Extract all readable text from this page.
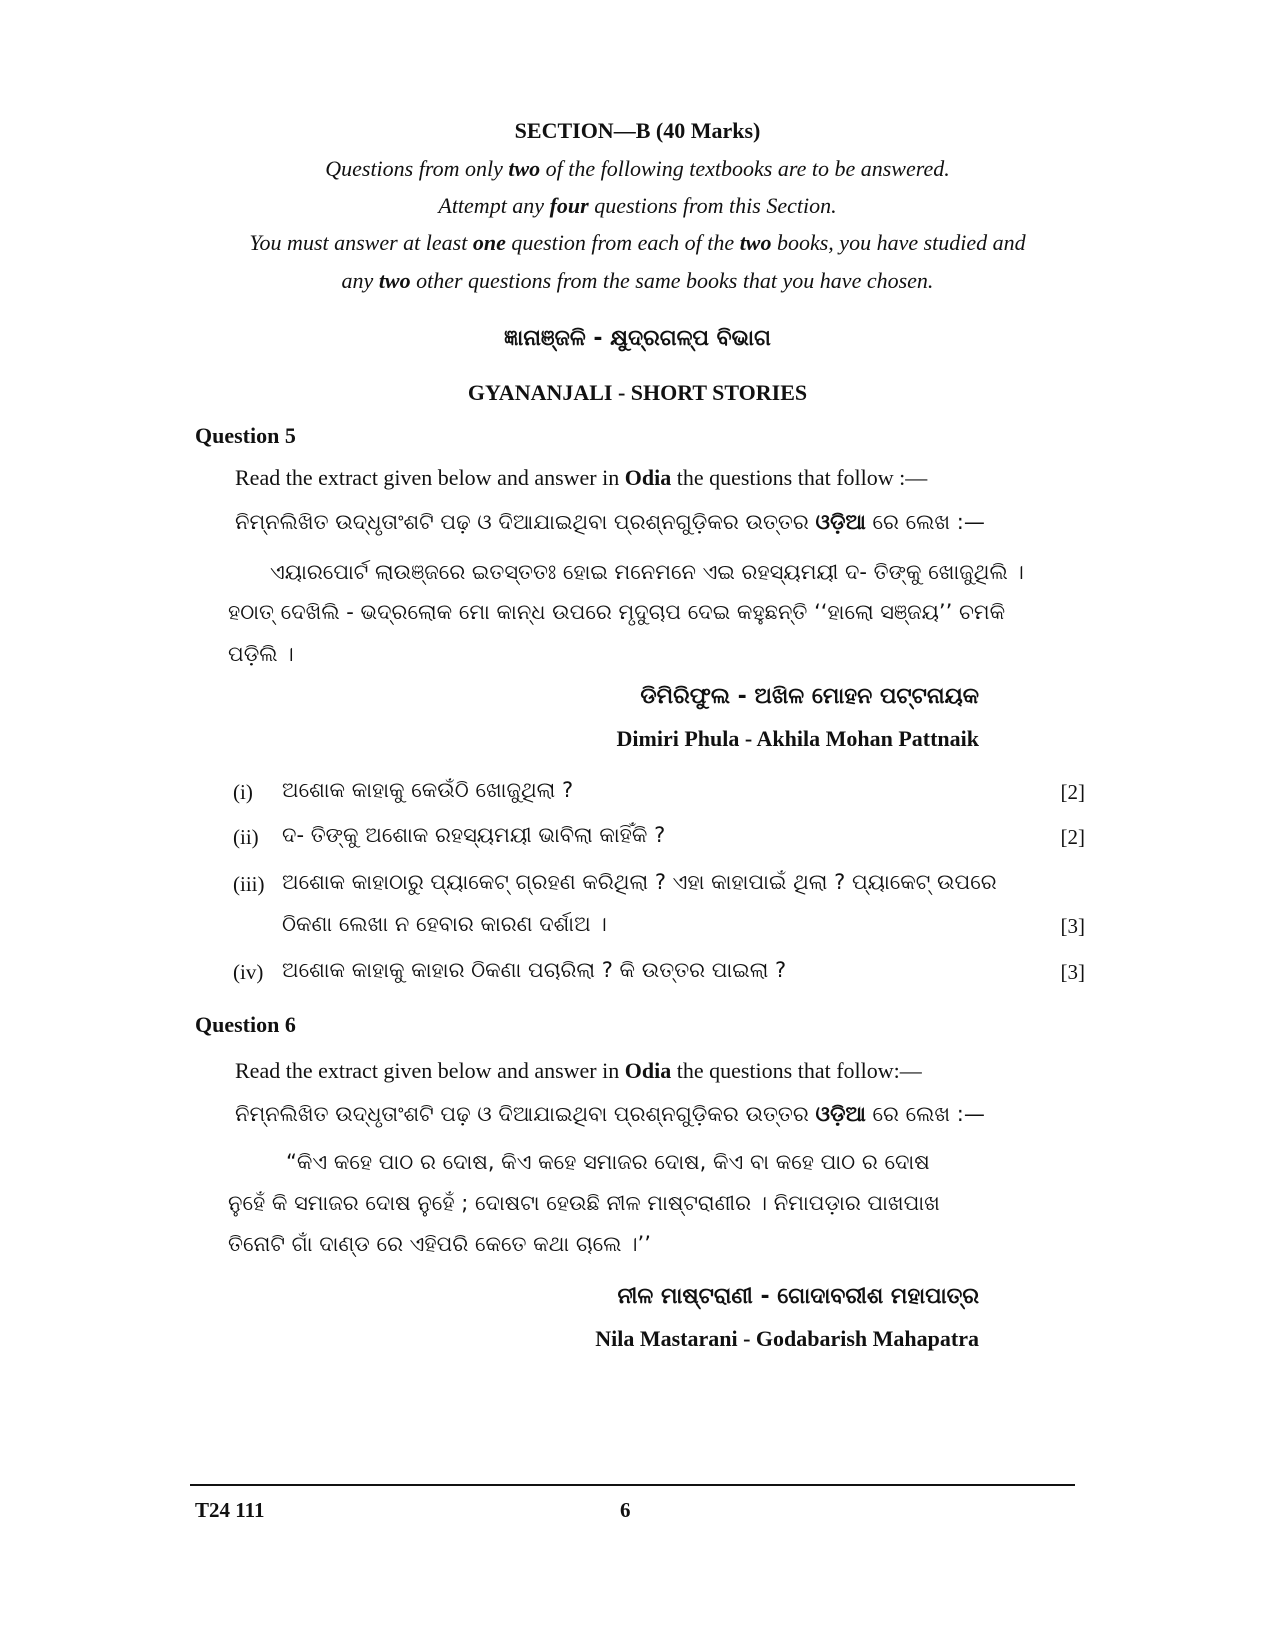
SECTION—B (40 Marks)
Questions from only two of the following textbooks are to be answered.
Attempt any four questions from this Section.
You must answer at least one question from each of the two books, you have studied and
any two other questions from the same books that you have chosen.
ଜ୍ଞାନାଞ୍ଜଳି - କ୍ଷୁଦ୍ରଗଳ୍ପ ବିଭାଗ
GYANANJALI - SHORT STORIES
Question 5
Read the extract given below and answer in Odia the questions that follow :—
ନିମ୍ନଲିଖିତ ଉଦ୍ଧୃତାଂଶଟି ପଢ଼ ଓ ଦିଆଯାଇଥିବା ପ୍ରଶ୍ନଗୁଡ଼ିକର ଉତ୍ତର ଓଡ଼ିଆ ରେ ଲେଖ :—
ଏୟାରପୋର୍ଟ ଲାଉଞ୍ଜରେ ଇତସ୍ତତଃ ହୋଇ ମନେମନେ ଏଇ ରହସ୍ୟମୟୀ ଦ- ତିଙ୍କୁ ଖୋଜୁଥିଲି ।
ହଠାତ୍ ଦେଖିଲି - ଭଦ୍ରଲୋକ ମୋ କାନ୍ଧ ଉପରେ ମୃଦୁଚାପ ଦେଇ କହୁଛନ୍ତି ‘‘ହାଲୋ ସଞ୍ଜୟ’’ ଚମକି
ପଡ଼ିଲି ।
ଡିମିରିଫୁଲ - ଅଖିଳ ମୋହନ ପଟ୍ଟନାୟକ
Dimiri Phula - Akhila Mohan Pattnaik
(i) ଅଶୋକ କାହାକୁ କେଉଁଠି ଖୋଜୁଥିଲା ?	[2]
(ii) ଦ- ତିଙ୍କୁ ଅଶୋକ ରହସ୍ୟମୟୀ ଭାବିଲା କାହିଁକି ?	[2]
(iii) ଅଶୋକ କାହାଠାରୁ ପ୍ୟାକେଟ୍ ଗ୍ରହଣ କରିଥିଲା ? ଏହା କାହାପାଇଁ ଥିଲା ? ପ୍ୟାକେଟ୍ ଉପରେ
ଠିକଣା ଲେଖା ନ ହେବାର କାରଣ ଦର୍ଶାଅ ।	[3]
(iv) ଅଶୋକ କାହାକୁ କାହାର ଠିକଣା ପଚାରିଲା ? କି ଉତ୍ତର ପାଇଲା ?	[3]
Question 6
Read the extract given below and answer in Odia the questions that follow:—
ନିମ୍ନଲିଖିତ ଉଦ୍ଧୃତାଂଶଟି ପଢ଼ ଓ ଦିଆଯାଇଥିବା ପ୍ରଶ୍ନଗୁଡ଼ିକର ଉତ୍ତର ଓଡ଼ିଆ ରେ ଲେଖ :—
“କିଏ କହେ ପାଠ ର ଦୋଷ, କିଏ କହେ ସମାଜର ଦୋଷ, କିଏ ବା କହେ ପାଠ ର ଦୋଷ
ନୁହେଁ କି ସମାଜର ଦୋଷ ନୁହେଁ ; ଦୋଷଟା ହେଉଛି ନୀଳ ମାଷ୍ଟରାଣୀର । ନିମାପଡ଼ାର ପାଖପାଖ
ତିନୋଟି ଗାଁ ଦାଣ୍ଡ ରେ ଏହିପରି କେତେ କଥା ଚାଲେ ।’’
ନୀଳ ମାଷ୍ଟରାଣୀ - ଗୋଦାବରୀଶ ମହାପାତ୍ର
Nila Mastarani - Godabarish Mahapatra
T24 111	6
